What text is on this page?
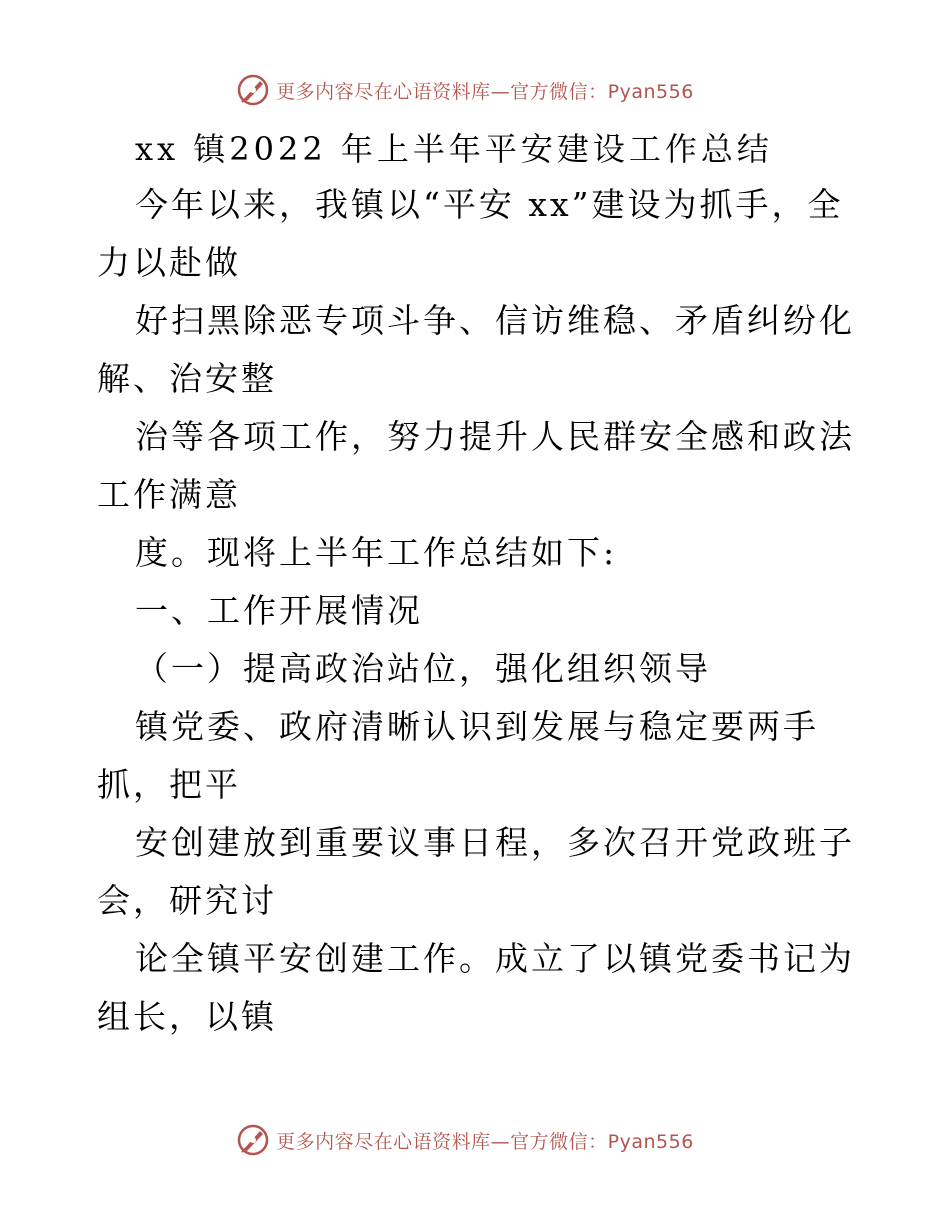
更多内容尽在心语资料库—官方微信：Pyan556

xx 镇2022 年上半年平安建设工作总结

今年以来，我镇以“平安 xx”建设为抓手，全力以赴做

好扫黑除恶专项斗争、信访维稳、矛盾纠纷化解、治安整

治等各项工作，努力提升人民群安全感和政法工作满意

度。现将上半年工作总结如下:

一、工作开展情况

（一）提高政治站位，强化组织领导

镇党委、政府清晰认识到发展与稳定要两手抓，把平

安创建放到重要议事日程，多次召开党政班子会，研究讨

论全镇平安创建工作。成立了以镇党委书记为组长，以镇

更多内容尽在心语资料库—官方微信：Pyan556
